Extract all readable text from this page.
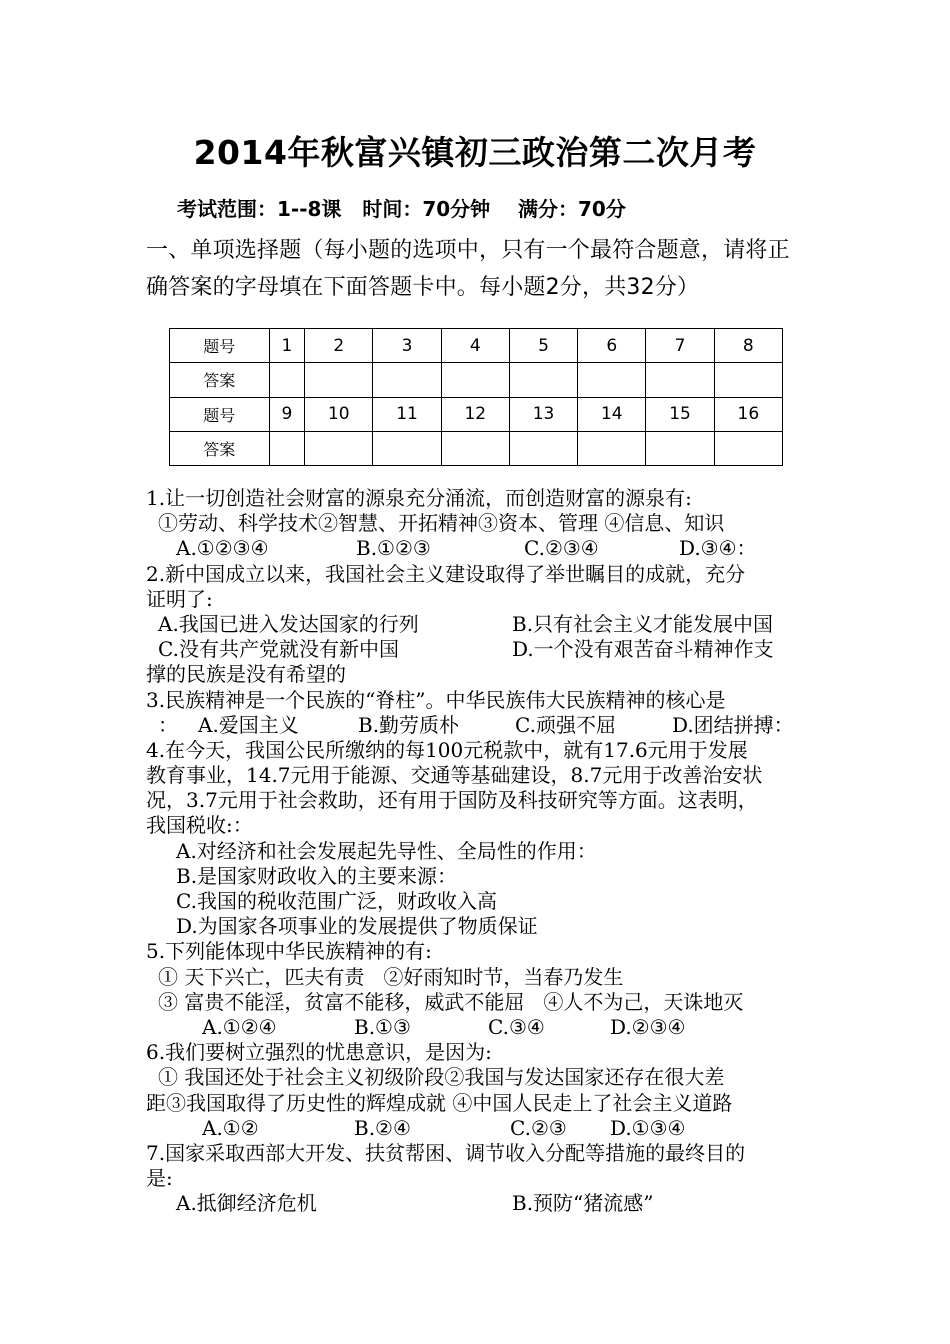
2014年秋富兴镇初三政治第二次月考
考试范围：1--8课   时间：70分钟    满分：70分
一、单项选择题（每小题的选项中，只有一个最符合题意，请将正
确答案的字母填在下面答题卡中。每小题2分，共32分）
题号	1	2	3	4	5	6	7	8
答案								
题号	9	10	11	12	13	14	15	16
答案								
1.让一切创造社会财富的源泉充分涌流，而创造财富的源泉有:
①劳动、科学技术②智慧、开拓精神③资本、管理 ④信息、知识
A.①②③④	B.①②③	C.②③④	D.③④：
2.新中国成立以来，我国社会主义建设取得了举世瞩目的成就，充分
证明了:
A.我国已进入发达国家的行列	B.只有社会主义才能发展中国
C.没有共产党就没有新中国	D.一个没有艰苦奋斗精神作支
撑的民族是没有希望的
3.民族精神是一个民族的“脊柱”。中华民族伟大民族精神的核心是
：	A.爱国主义	B.勤劳质朴	C.顽强不屈	D.团结拼搏：
4.在今天，我国公民所缴纳的每100元税款中，就有17.6元用于发展
教育事业，14.7元用于能源、交通等基础建设，8.7元用于改善治安状
况，3.7元用于社会救助，还有用于国防及科技研究等方面。这表明，
我国税收:：
A.对经济和社会发展起先导性、全局性的作用：
B.是国家财政收入的主要来源：
C.我国的税收范围广泛，财政收入高
D.为国家各项事业的发展提供了物质保证
5.下列能体现中华民族精神的有:
① 天下兴亡，匹夫有责   ②好雨知时节，当春乃发生
③ 富贵不能淫，贫富不能移，威武不能屈   ④人不为己，天诛地灭
A.①②④	B.①③	C.③④	D.②③④
6.我们要树立强烈的忧患意识，是因为:
① 我国还处于社会主义初级阶段②我国与发达国家还存在很大差
距③我国取得了历史性的辉煌成就 ④中国人民走上了社会主义道路
A.①②	B.②④	C.②③	D.①③④
7.国家采取西部大开发、扶贫帮困、调节收入分配等措施的最终目的
是:
A.抵御经济危机	B.预防“猪流感”
